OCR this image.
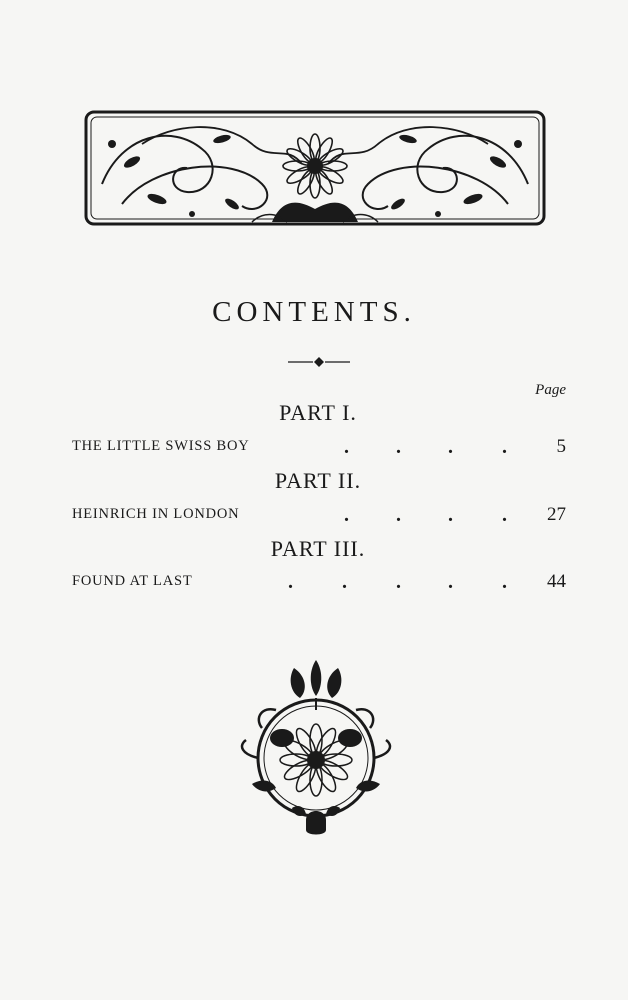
CONTENTS.
Page
PART I.
THE LITTLE SWISS BOY	. . . .	5
PART II.
HEINRICH IN LONDON	. . . . 27
PART III.
FOUND AT LAST	. . . . . 44
